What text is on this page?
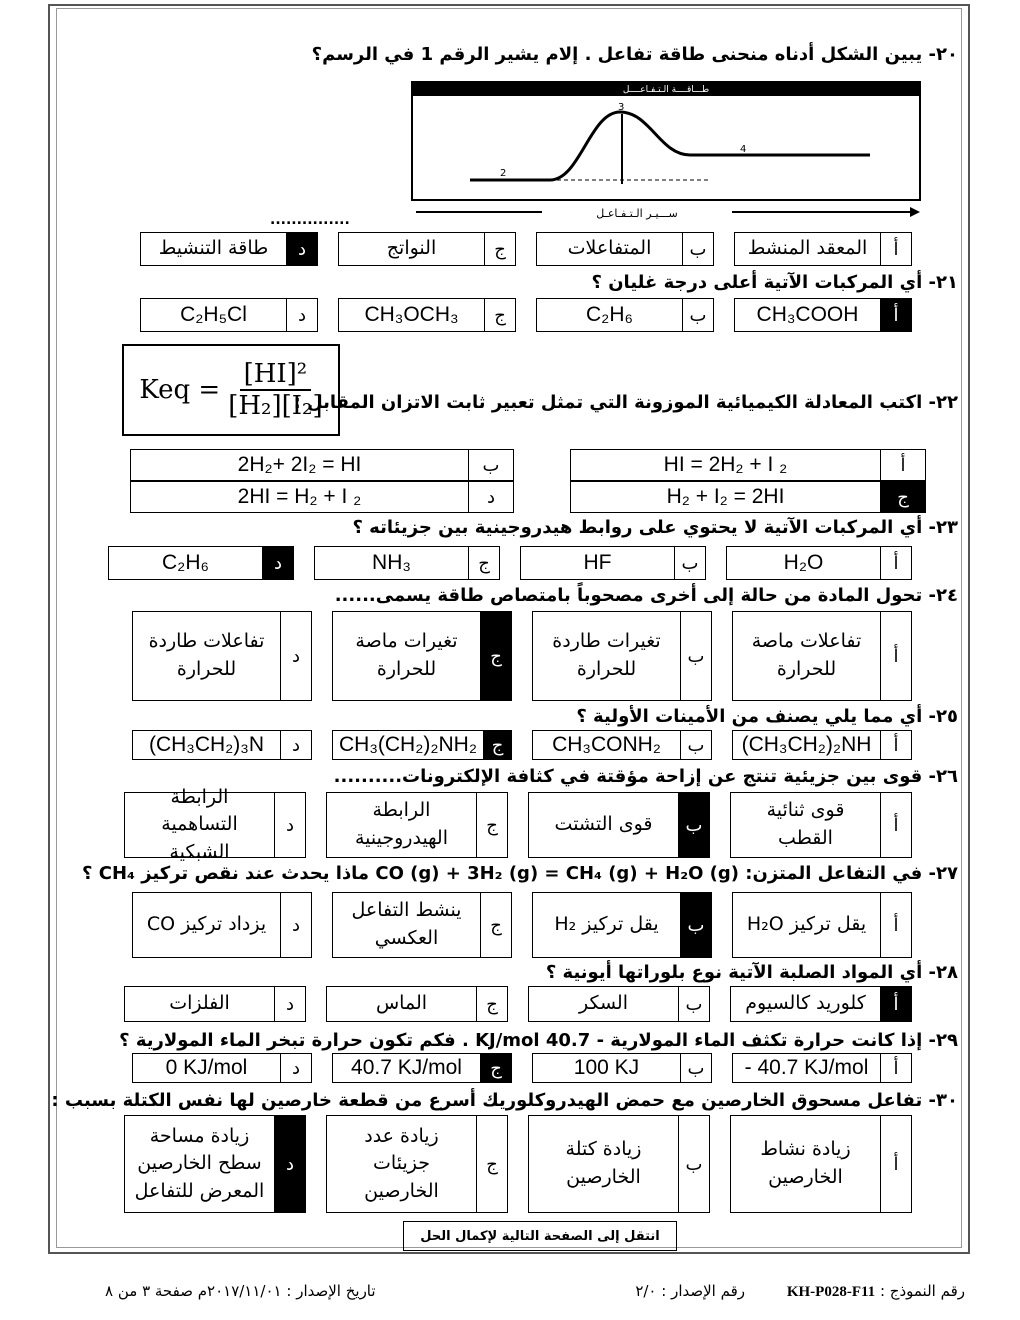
٢٠- يبين الشكل أدناه منحنى طاقة تفاعل . إلام يشير الرقم 1 في الرسم؟
طـــاقــــة الـتـفـاعــــل
2
3
4
ســـيـر الـتـفـاعـل
...............
أ
المعقد المنشط
ب
المتفاعلات
ج
النواتج
د
طاقة التنشيط
٢١- أي المركبات الآتية أعلى درجة غليان ؟
أ
CH₃COOH
ب
C₂H₆
ج
CH₃OCH₃
د
C₂H₅Cl
Keq = $\frac{\text{[HI]²}}{\text{[H₂][I₂]}}$
٢٢- اكتب المعادلة الكيميائية الموزونة التي تمثل تعبير ثابت الاتزان المقابل :
أ
HI = 2H₂ + I ₂
ب
2H₂+ 2I₂ = HI
ج
H₂ + I₂ = 2HI
د
2HI = H₂ + I ₂
٢٣- أي المركبات الآتية لا يحتوي على روابط هيدروجينية بين جزيئاته ؟
أ
H₂O
ب
HF
ج
NH₃
د
C₂H₆
٢٤- تحول المادة من حالة إلى أخرى مصحوباً بامتصاص طاقة يسمى......
أ
تفاعلات ماصة للحرارة
ب
تغيرات طاردة للحرارة
ج
تغيرات ماصة للحرارة
د
تفاعلات طاردة للحرارة
٢٥- أي مما يلي يصنف من الأمينات الأولية ؟
أ
(CH₃CH₂)₂NH
ب
CH₃CONH₂
ج
CH₃(CH₂)₂NH₂
د
(CH₃CH₂)₃N
٢٦- قوى بين جزيئية تنتج عن إزاحة مؤقتة في كثافة الإلكترونات..........
أ
قوى ثنائية القطب
ب
قوى التشتت
ج
الرابطة الهيدروجينية
د
الرابطة التساهمية الشبكية
٢٧- في التفاعل المتزن: CO (g) + 3H₂ (g) = CH₄ (g) + H₂O (g) ماذا يحدث عند نقص تركيز CH₄ ؟
أ
يقل تركيز H₂O
ب
يقل تركيز H₂
ج
ينشط التفاعل العكسي
د
يزداد تركيز CO
٢٨- أي المواد الصلبة الآتية نوع بلوراتها أيونية ؟
أ
كلوريد كالسيوم
ب
السكر
ج
الماس
د
الفلزات
٢٩- إذا كانت حرارة تكثف الماء المولارية - 40.7 KJ/mol . فكم تكون حرارة تبخر الماء المولارية ؟
أ
- 40.7 KJ/mol
ب
100 KJ
ج
40.7 KJ/mol
د
0 KJ/mol
٣٠- تفاعل مسحوق الخارصين مع حمض الهيدروكلوريك أسرع من قطعة خارصين لها نفس الكتلة بسبب :
أ
زيادة نشاط الخارصين
ب
زيادة كتلة الخارصين
ج
زيادة عدد جزيئات الخارصين
د
زيادة مساحة سطح الخارصين المعرض للتفاعل
انتقل إلى الصفحة التالية لإكمال الحل
رقم النموذج : KH-P028-F11
رقم الإصدار : ٢/٠
تاريخ الإصدار : ٢٠١٧/١١/٠١م صفحة ٣ من ٨
